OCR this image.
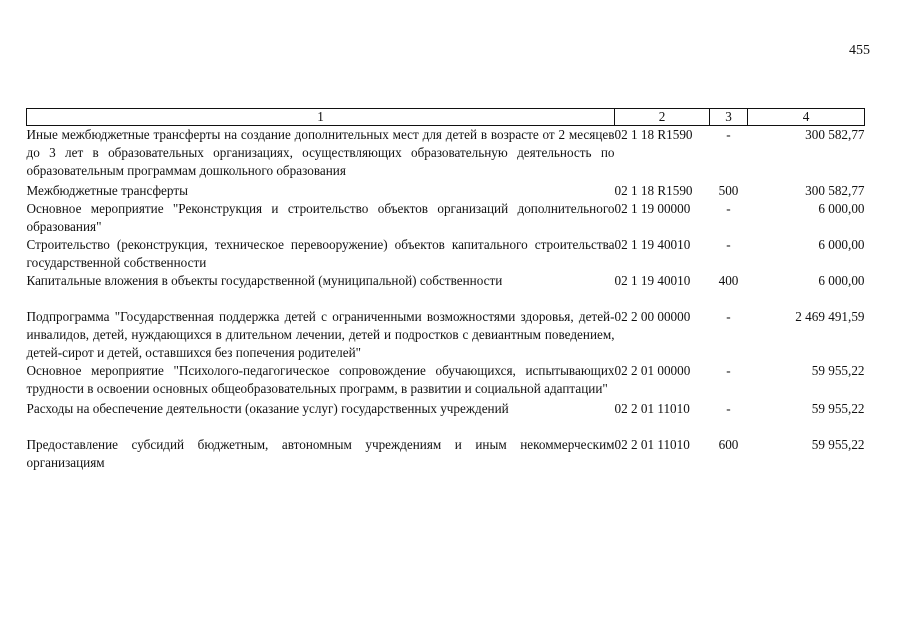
455
1	2	3	4
Иные межбюджетные трансферты на создание дополнительных мест для детей в возрасте от 2 месяцев до 3 лет в образовательных организациях, осуществляющих образовательную деятельность по образовательным программам дошкольного образования	02 1 18 R1590	-	300 582,77
Межбюджетные трансферты	02 1 18 R1590	500	300 582,77
Основное мероприятие "Реконструкция и строительство объектов организаций дополнительного образования"	02 1 19 00000	-	6 000,00
Строительство (реконструкция, техническое перевооружение) объектов капитального строительства государственной собственности	02 1 19 40010	-	6 000,00
Капитальные вложения в объекты государственной (муниципальной) собственности	02 1 19 40010	400	6 000,00
Подпрограмма "Государственная поддержка детей с ограниченными возможностями здоровья, детей-инвалидов, детей, нуждающихся в длительном лечении, детей и подростков с девиантным поведением, детей-сирот и детей, оставшихся без попечения родителей"	02 2 00 00000	-	2 469 491,59
Основное мероприятие "Психолого-педагогическое сопровождение обучающихся, испытывающих трудности в освоении основных общеобразовательных программ, в развитии и социальной адаптации"	02 2 01 00000	-	59 955,22
Расходы на обеспечение деятельности (оказание услуг) государственных учреждений	02 2 01 11010	-	59 955,22
Предоставление субсидий бюджетным, автономным учреждениям и иным некоммерческим организациям	02 2 01 11010	600	59 955,22
